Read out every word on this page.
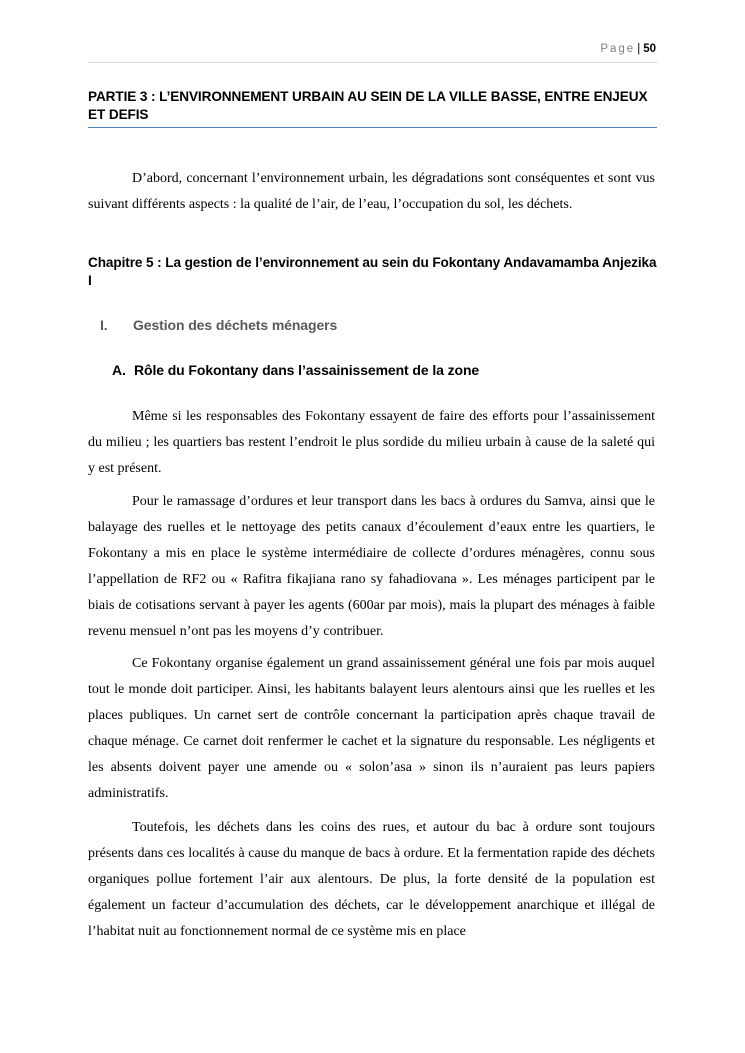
Page | 50
PARTIE 3 : L’ENVIRONNEMENT URBAIN AU SEIN DE LA VILLE BASSE, ENTRE ENJEUX ET DEFIS

D’abord, concernant l’environnement urbain, les dégradations sont conséquentes et sont vus suivant différents aspects : la qualité de l’air, de l’eau, l’occupation du sol, les déchets.

Chapitre 5 : La gestion de l’environnement au sein du Fokontany Andavamamba Anjezika I
I. Gestion des déchets ménagers
A. Rôle du Fokontany dans l’assainissement de la zone

Même si les responsables des Fokontany essayent de faire des efforts pour l’assainissement du milieu ; les quartiers bas restent l’endroit le plus sordide du milieu urbain à cause de la saleté qui y est présent.

Pour le ramassage d’ordures et leur transport dans les bacs à ordures du Samva, ainsi que le balayage des ruelles et le nettoyage des petits canaux d’écoulement d’eaux entre les quartiers, le Fokontany a mis en place le système intermédiaire de collecte d’ordures ménagères, connu sous l’appellation de RF2 ou « Rafitra fikajiana rano sy fahadiovana ». Les ménages participent par le biais de cotisations servant à payer les agents (600ar par mois), mais la plupart des ménages à faible revenu mensuel n’ont pas les moyens d’y contribuer.

Ce Fokontany organise également un grand assainissement général une fois par mois auquel tout le monde doit participer. Ainsi, les habitants balayent leurs alentours ainsi que les ruelles et les places publiques. Un carnet sert de contrôle concernant la participation après chaque travail de chaque ménage. Ce carnet doit renfermer le cachet et la signature du responsable. Les négligents et les absents doivent payer une amende ou « solon’asa » sinon ils n’auraient pas leurs papiers administratifs.

Toutefois, les déchets dans les coins des rues, et autour du bac à ordure sont toujours présents dans ces localités à cause du manque de bacs à ordure. Et la fermentation rapide des déchets organiques pollue fortement l’air aux alentours. De plus, la forte densité de la population est également un facteur d’accumulation des déchets, car le développement anarchique et illégal de l’habitat nuit au fonctionnement normal de ce système mis en place
